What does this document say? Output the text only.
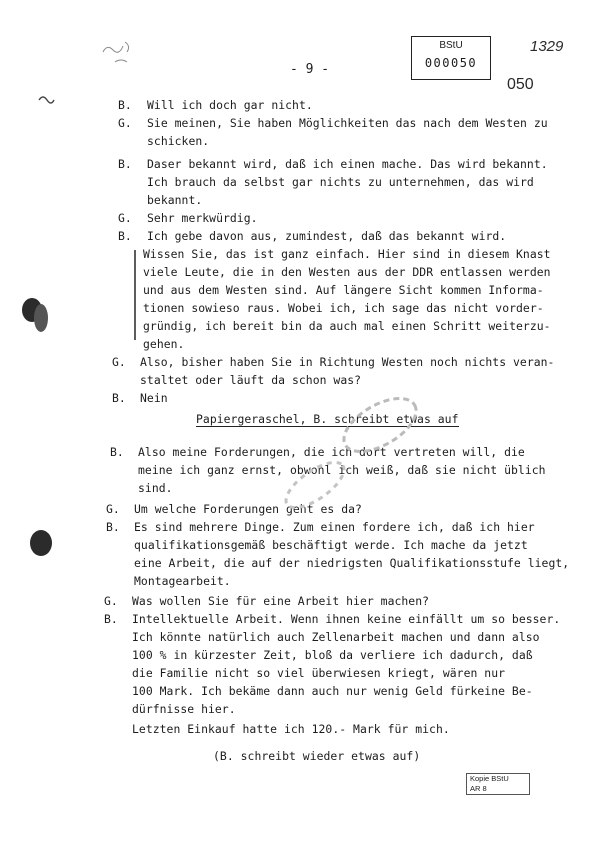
- 9 -
BStU
000050
1329
050
B. Will ich doch gar nicht.
G. Sie meinen, Sie haben Möglichkeiten das nach dem Westen zu
schicken.
B. Daser bekannt wird, daß ich einen mache. Das wird bekannt.
Ich brauch da selbst gar nichts zu unternehmen, das wird
bekannt.
G. Sehr merkwürdig.
B. Ich gebe davon aus, zumindest, daß das bekannt wird.
Wissen Sie, das ist ganz einfach. Hier sind in diesem Knast
viele Leute, die in den Westen aus der DDR entlassen werden
und aus dem Westen sind. Auf längere Sicht kommen Informa-
tionen sowieso raus. Wobei ich, ich sage das nicht vorder-
gründig, ich bereit bin da auch mal einen Schritt weiterzu-
gehen.
G. Also, bisher haben Sie in Richtung Westen noch nichts veran-
staltet oder läuft da schon was?
B. Nein
Papiergeraschel, B. schreibt etwas auf
B. Also meine Forderungen, die ich dort vertreten will, die
meine ich ganz ernst, obwohl ich weiß, daß sie nicht üblich
sind.
G. Um welche Forderungen geht es da?
B. Es sind mehrere Dinge. Zum einen fordere ich, daß ich hier
qualifikationsgemäß beschäftigt werde. Ich mache da jetzt
eine Arbeit, die auf der niedrigsten Qualifikationsstufe liegt,
Montagearbeit.
G. Was wollen Sie für eine Arbeit hier machen?
B. Intellektuelle Arbeit. Wenn ihnen keine einfällt um so besser.
Ich könnte natürlich auch Zellenarbeit machen und dann also
100 % in kürzester Zeit, bloß da verliere ich dadurch, daß
die Familie nicht so viel überwiesen kriegt, wären nur
100 Mark. Ich bekäme dann auch nur wenig Geld fürkeine Be-
dürfnisse hier.
Letzten Einkauf hatte ich 120.- Mark für mich.
(B. schreibt wieder etwas auf)
Kopie BStU
AR 8
